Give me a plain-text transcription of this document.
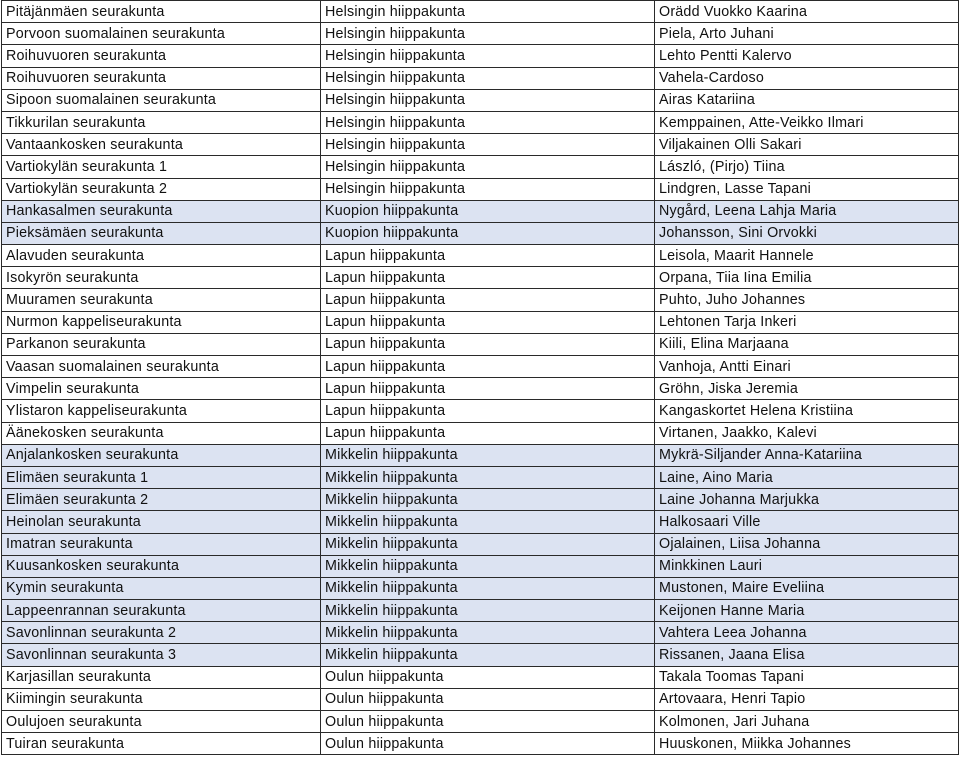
Pitäjänmäen seurakunta	Helsingin hiippakunta	Orädd Vuokko Kaarina
Porvoon suomalainen seurakunta	Helsingin hiippakunta	Piela, Arto Juhani
Roihuvuoren seurakunta	Helsingin hiippakunta	Lehto Pentti Kalervo
Roihuvuoren seurakunta	Helsingin hiippakunta	Vahela-Cardoso
Sipoon suomalainen seurakunta	Helsingin hiippakunta	Airas Katariina
Tikkurilan seurakunta	Helsingin hiippakunta	Kemppainen, Atte-Veikko Ilmari
Vantaankosken seurakunta	Helsingin hiippakunta	Viljakainen Olli Sakari
Vartiokylän seurakunta 1	Helsingin hiippakunta	László, (Pirjo) Tiina
Vartiokylän seurakunta 2	Helsingin hiippakunta	Lindgren, Lasse Tapani
Hankasalmen seurakunta	Kuopion hiippakunta	Nygård, Leena Lahja Maria
Pieksämäen seurakunta	Kuopion hiippakunta	Johansson, Sini Orvokki
Alavuden seurakunta	Lapun hiippakunta	Leisola, Maarit Hannele
Isokyrön seurakunta	Lapun hiippakunta	Orpana, Tiia Iina Emilia
Muuramen seurakunta	Lapun hiippakunta	Puhto, Juho Johannes
Nurmon kappeliseurakunta	Lapun hiippakunta	Lehtonen Tarja Inkeri
Parkanon seurakunta	Lapun hiippakunta	Kiili, Elina Marjaana
Vaasan suomalainen seurakunta	Lapun hiippakunta	Vanhoja, Antti Einari
Vimpelin seurakunta	Lapun hiippakunta	Gröhn, Jiska Jeremia
Ylistaron kappeliseurakunta	Lapun hiippakunta	Kangaskortet Helena Kristiina
Äänekosken seurakunta	Lapun hiippakunta	Virtanen, Jaakko, Kalevi
Anjalankosken seurakunta	Mikkelin hiippakunta	Mykrä-Siljander Anna-Katariina
Elimäen seurakunta 1	Mikkelin hiippakunta	Laine, Aino Maria
Elimäen seurakunta 2	Mikkelin hiippakunta	Laine Johanna Marjukka
Heinolan seurakunta	Mikkelin hiippakunta	Halkosaari Ville
Imatran seurakunta	Mikkelin hiippakunta	Ojalainen, Liisa Johanna
Kuusankosken seurakunta	Mikkelin hiippakunta	Minkkinen Lauri
Kymin seurakunta	Mikkelin hiippakunta	Mustonen, Maire Eveliina
Lappeenrannan seurakunta	Mikkelin hiippakunta	Keijonen Hanne Maria
Savonlinnan seurakunta 2	Mikkelin hiippakunta	Vahtera Leea Johanna
Savonlinnan seurakunta 3	Mikkelin hiippakunta	Rissanen, Jaana Elisa
Karjasillan seurakunta	Oulun hiippakunta	Takala Toomas Tapani
Kiimingin seurakunta	Oulun hiippakunta	Artovaara, Henri Tapio
Oulujoen seurakunta	Oulun hiippakunta	Kolmonen, Jari Juhana
Tuiran seurakunta	Oulun hiippakunta	Huuskonen, Miikka Johannes
